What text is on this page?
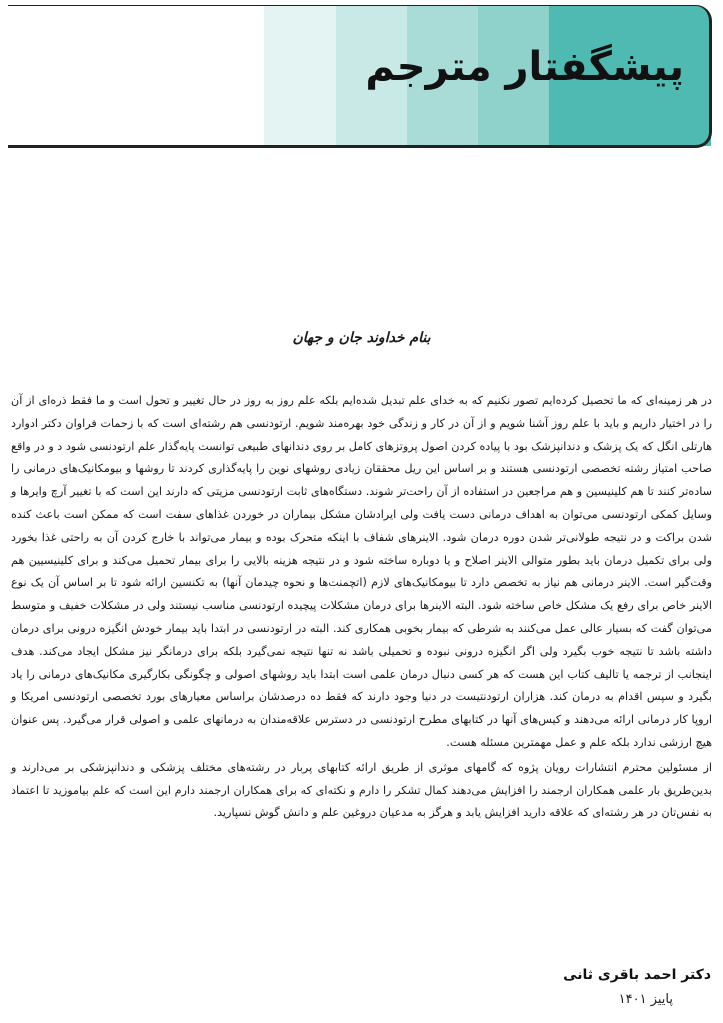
پیشگفتار مترجم
بنام خداوند جان و جهان

در هر زمینه‌ای که ما تحصیل کرده‌ایم تصور نکنیم که به خدای علم تبدیل شده‌ایم بلکه علم روز به روز در حال تغییر و تحول است و ما فقط ذره‌ای از آن را در اختیار داریم و باید با علم روز آشنا شویم و از آن در کار و زندگی خود بهره‌مند شویم. ارتودنسی هم رشته‌ای است که با زحمات فراوان دکتر ادوارد هارتلی انگل که یک پزشک و دندانپزشک بود با پیاده کردن اصول پروتزهای کامل بر روی دندانهای طبیعی توانست پایه‌گذار علم ارتودنسی شود د و در واقع صاحب امتیاز رشته تخصصی ارتودنسی هستند و بر اساس این ریل محققان زیادی روشهای نوین را پایه‌گذاری کردند تا روشها و بیومکانیک‌های درمانی را ساده‌تر کنند تا هم کلینیسین و هم مراجعین در استفاده از آن راحت‌تر شوند. دستگاه‌های ثابت ارتودنسی مزیتی که دارند این است که با تغییر آرچ وایرها و وسایل کمکی ارتودنسی می‌توان به اهداف درمانی دست یافت ولی ایرادشان مشکل بیماران در خوردن غذاهای سفت است که ممکن است باعث کنده شدن براکت و در نتیجه طولانی‌تر شدن دوره درمان شود. الاینرهای شفاف با اینکه متحرک بوده و بیمار می‌تواند با خارج کردن آن به راحتی غذا بخورد ولی برای تکمیل درمان باید بطور متوالی الاینر اصلاح و یا دوباره ساخته شود و در نتیجه هزینه بالایی را برای بیمار تحمیل می‌کند و برای کلینیسیین هم وقت‌گیر است. الاینر درمانی هم نیاز به تخصص دارد تا بیومکانیک‌های لازم (اتچمنت‌ها و نحوه چیدمان آنها) به تکنسین ارائه شود تا بر اساس آن یک نوع الاینر خاص برای رفع یک مشکل خاص ساخته شود. البته الاینرها برای درمان مشکلات پیچیده ارتودنسی مناسب نیستند ولی در مشکلات خفیف و متوسط می‌توان گفت که بسیار عالی عمل می‌کنند به شرطی که بیمار بخوبی همکاری کند. البته در ارتودنسی در ابتدا باید بیمار خودش انگیزه درونی برای درمان داشته باشد تا نتیجه خوب بگیرد ولی اگر انگیزه درونی نبوده و تحمیلی باشد نه تنها نتیجه نمی‌گیرد بلکه برای درمانگر نیز مشکل ایجاد می‌کند. هدف اینجانب از ترجمه یا تالیف کتاب این هست که هر کسی دنبال درمان علمی است ابتدا باید روشهای اصولی و چگونگی بکارگیری مکانیک‌های درمانی را یاد بگیرد و سپس اقدام به درمان کند. هزاران ارتودنتیست در دنیا وجود دارند که فقط ده درصدشان براساس معیارهای بورد تخصصی ارتودنسی امریکا و اروپا کار درمانی ارائه می‌دهند و کیس‌های آنها در کتابهای مطرح ارتودنسی در دسترس علاقه‌مندان به درمانهای علمی و اصولی قرار می‌گیرد. پس عنوان هیچ ارزشی ندارد بلکه علم و عمل مهمترین مسئله هست.

از مسئولین محترم انتشارات رویان پژوه که گامهای موثری از طریق ارائه کتابهای پربار در رشته‌های مختلف پزشکی و دندانپزشکی بر می‌دارند و بدین‌طریق بار علمی همکاران ارجمند را افزایش می‌دهند کمال تشکر را دارم و نکته‌ای که برای همکاران ارجمند دارم این است که علم بیاموزید تا اعتماد به نفس‌تان در هر رشته‌ای که علاقه دارید افزایش یابد و هرگز به مدعیان دروغین علم و دانش گوش نسپارید.

دکتر احمد باقری ثانی
پاییز ۱۴۰۱
